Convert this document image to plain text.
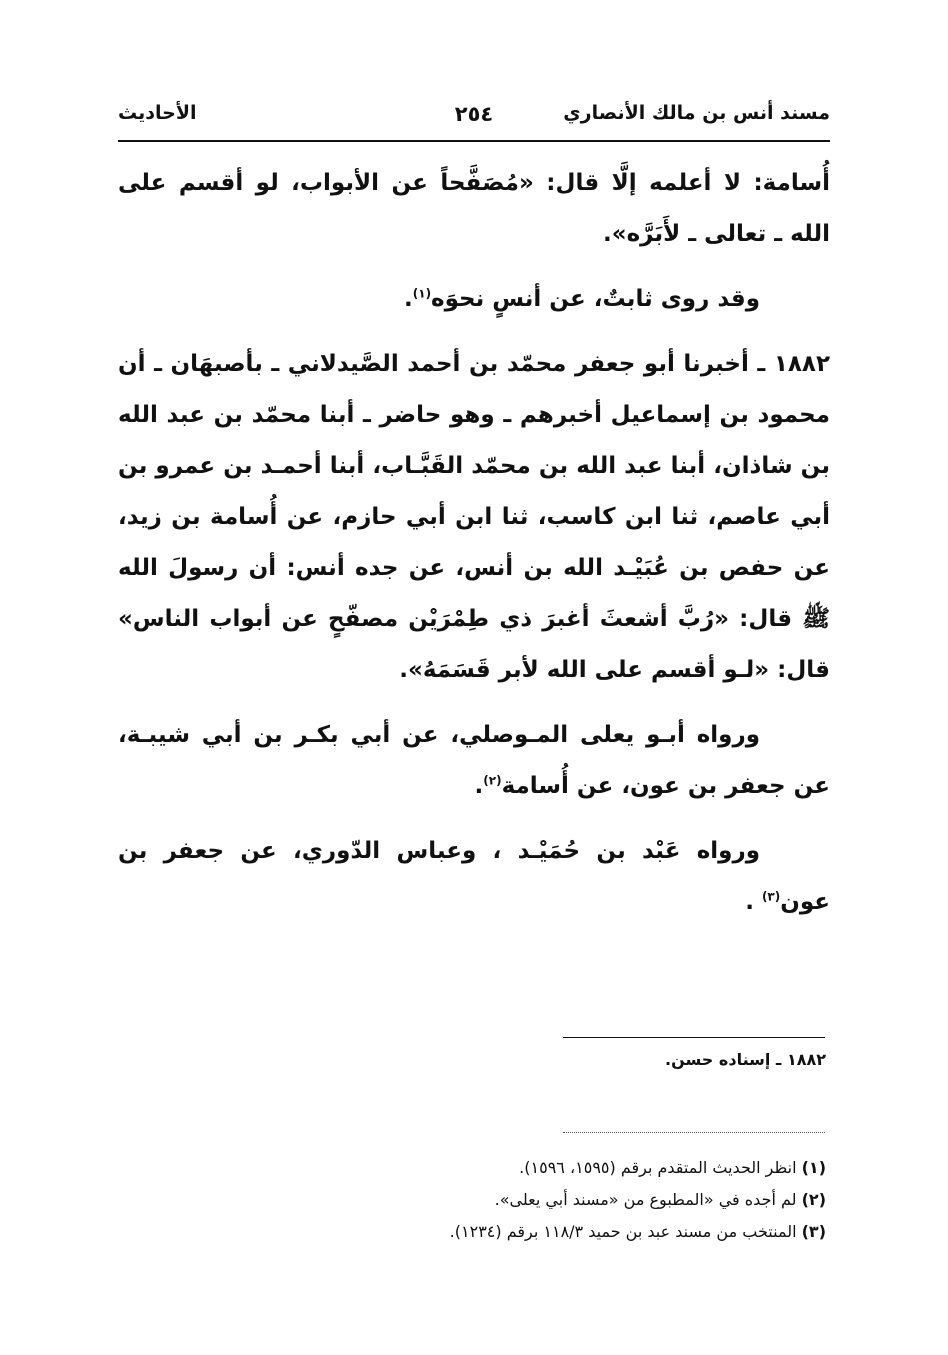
مسند أنس بن مالك الأنصاري
٢٥٤
الأحاديث

أُسامة: لا أعلمه إلَّا قال: «مُصَفَّحاً عن الأبواب، لو أقسم على الله ـ تعالى ـ لأَبَرَّه».

وقد روى ثابتٌ، عن أنسٍ نحوَه$^{(١)}$.

١٨٨٢ ـ أخبرنا أبو جعفر محمّد بن أحمد الصَّيدلاني ـ بأصبهَان ـ أن محمود بن إسماعيل أخبرهم ـ وهو حاضر ـ أبنا محمّد بن عبد الله بن شاذان، أبنا عبد الله بن محمّد القَبَّـاب، أبنا أحمـد بن عمرو بن أبي عاصم، ثنا ابن كاسب، ثنا ابن أبي حازم، عن أُسامة بن زيد، عن حفص بن عُبَيْـد الله بن أنس، عن جده أنس: أن رسولَ الله ﷺ قال: «رُبَّ أشعثَ أغبرَ ذي طِمْرَيْن مصفّحٍ عن أبواب الناس» قال: «لـو أقسم على الله لأبر قَسَمَهُ».

ورواه أبـو يعلى المـوصلي، عن أبي بكـر بن أبي شيبـة، عن جعفر بن عون، عن أُسامة$^{(٢)}$.

ورواه عَبْد بن حُمَيْـد ، وعباس الدّوري، عن جعفر بن عون$^{(٣)}$ .

١٨٨٢ ـ إسناده حسن.
(١) انظر الحديث المتقدم برقم (١٥٩٥، ١٥٩٦).
(٢) لم أجده في «المطبوع من «مسند أبي يعلى».
(٣) المنتخب من مسند عبد بن حميد ١١٨/٣ برقم (١٢٣٤).
